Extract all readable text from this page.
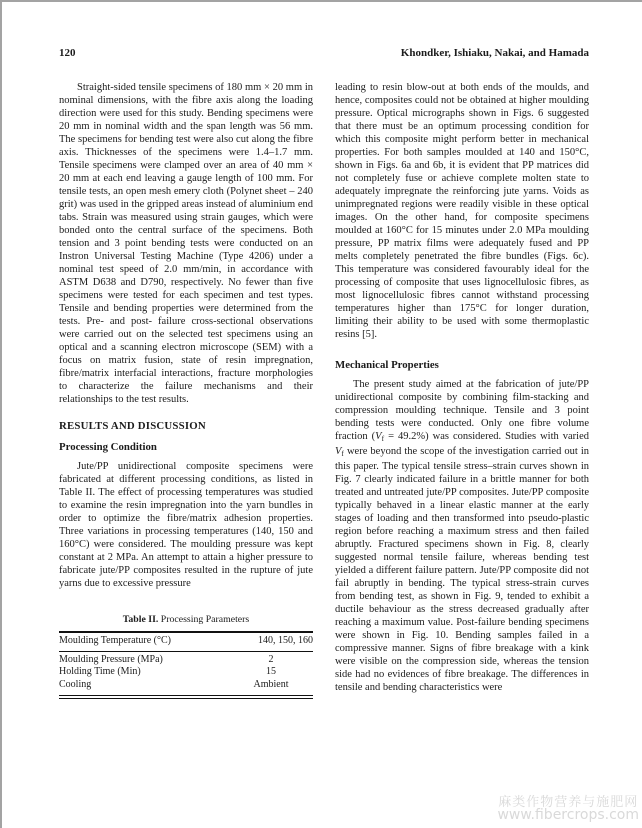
120	Khondker, Ishiaku, Nakai, and Hamada

Straight-sided tensile specimens of 180 mm × 20 mm in nominal dimensions, with the fibre axis along the loading direction were used for this study. Bending specimens were 20 mm in nominal width and the span length was 56 mm. The specimens for bending test were also cut along the fibre axis. Thicknesses of the specimens were 1.4–1.7 mm. Tensile specimens were clamped over an area of 40 mm × 20 mm at each end leaving a gauge length of 100 mm. For tensile tests, an open mesh emery cloth (Polynet sheet – 240 grit) was used in the gripped areas instead of aluminium end tabs. Strain was measured using strain gauges, which were bonded onto the central surface of the specimens. Both tension and 3 point bending tests were conducted on an Instron Universal Testing Machine (Type 4206) under a nominal test speed of 2.0 mm/min, in accordance with ASTM D638 and D790, respectively. No fewer than five specimens were tested for each specimen and test types. Tensile and bending properties were determined from the tests. Pre- and post- failure cross-sectional observations were carried out on the selected test specimens using an optical and a scanning electron microscope (SEM) with a focus on matrix fusion, state of resin impregnation, fibre/matrix interfacial interactions, fracture morphologies to characterize the failure mechanisms and their relationships to the test results.

RESULTS AND DISCUSSION
Processing Condition

Jute/PP unidirectional composite specimens were fabricated at different processing conditions, as listed in Table II. The effect of processing temperatures was studied to examine the resin impregnation into the yarn bundles in order to optimize the fibre/matrix adhesion properties. Three variations in processing temperatures (140, 150 and 160°C) were considered. The moulding pressure was kept constant at 2 MPa. An attempt to attain a higher pressure to fabricate jute/PP composites resulted in the rupture of jute yarns due to excessive pressure

Table II. Processing Parameters
Moulding Temperature (°C)	140, 150, 160
Moulding Pressure (MPa)	2
Holding Time (Min)	15
Cooling	Ambient

leading to resin blow-out at both ends of the moulds, and hence, composites could not be obtained at higher moulding pressure. Optical micrographs shown in Figs. 6 suggested that there must be an optimum processing condition for which this composite might perform better in mechanical properties. For both samples moulded at 140 and 150°C, shown in Figs. 6a and 6b, it is evident that PP matrices did not completely fuse or achieve complete molten state to adequately impregnate the reinforcing jute yarns. Voids as unimpregnated regions were readily visible in these optical images. On the other hand, for composite specimens moulded at 160°C for 15 minutes under 2.0 MPa moulding pressure, PP matrix films were adequately fused and PP melts completely penetrated the fibre bundles (Figs. 6c). This temperature was considered favourably ideal for the processing of composite that uses lignocellulosic fibres, as most lignocellulosic fibres cannot withstand processing temperatures higher than 175°C for longer duration, limiting their ability to be used with some thermoplastic resins [5].

Mechanical Properties

The present study aimed at the fabrication of jute/PP unidirectional composite by combining film-stacking and compression moulding technique. Tensile and 3 point bending tests were conducted. Only one fibre volume fraction $(V_f = 49.2\%)$ was considered. Studies with varied $V_f$ were beyond the scope of the investigation carried out in this paper. The typical tensile stress–strain curves shown in Fig. 7 clearly indicated failure in a brittle manner for both treated and untreated jute/PP composites. Jute/PP composite typically behaved in a linear elastic manner at the early stages of loading and then transformed into pseudo-plastic region before reaching a maximum stress and then failed abruptly. Fractured specimens shown in Fig. 8, clearly suggested normal tensile failure, whereas bending test yielded a different failure pattern. Jute/PP composite did not fail abruptly in bending. The typical stress-strain curves from bending test, as shown in Fig. 9, tended to exhibit a ductile behaviour as the stress decreased gradually after reaching a maximum value. Post-failure bending specimens were shown in Fig. 10. Bending samples failed in a compressive manner. Signs of fibre breakage with a kink were visible on the compression side, whereas the tension side had no evidences of fibre breakage. The differences in tensile and bending characteristics were

麻类作物营养与施肥网
www.fibercrops.com
